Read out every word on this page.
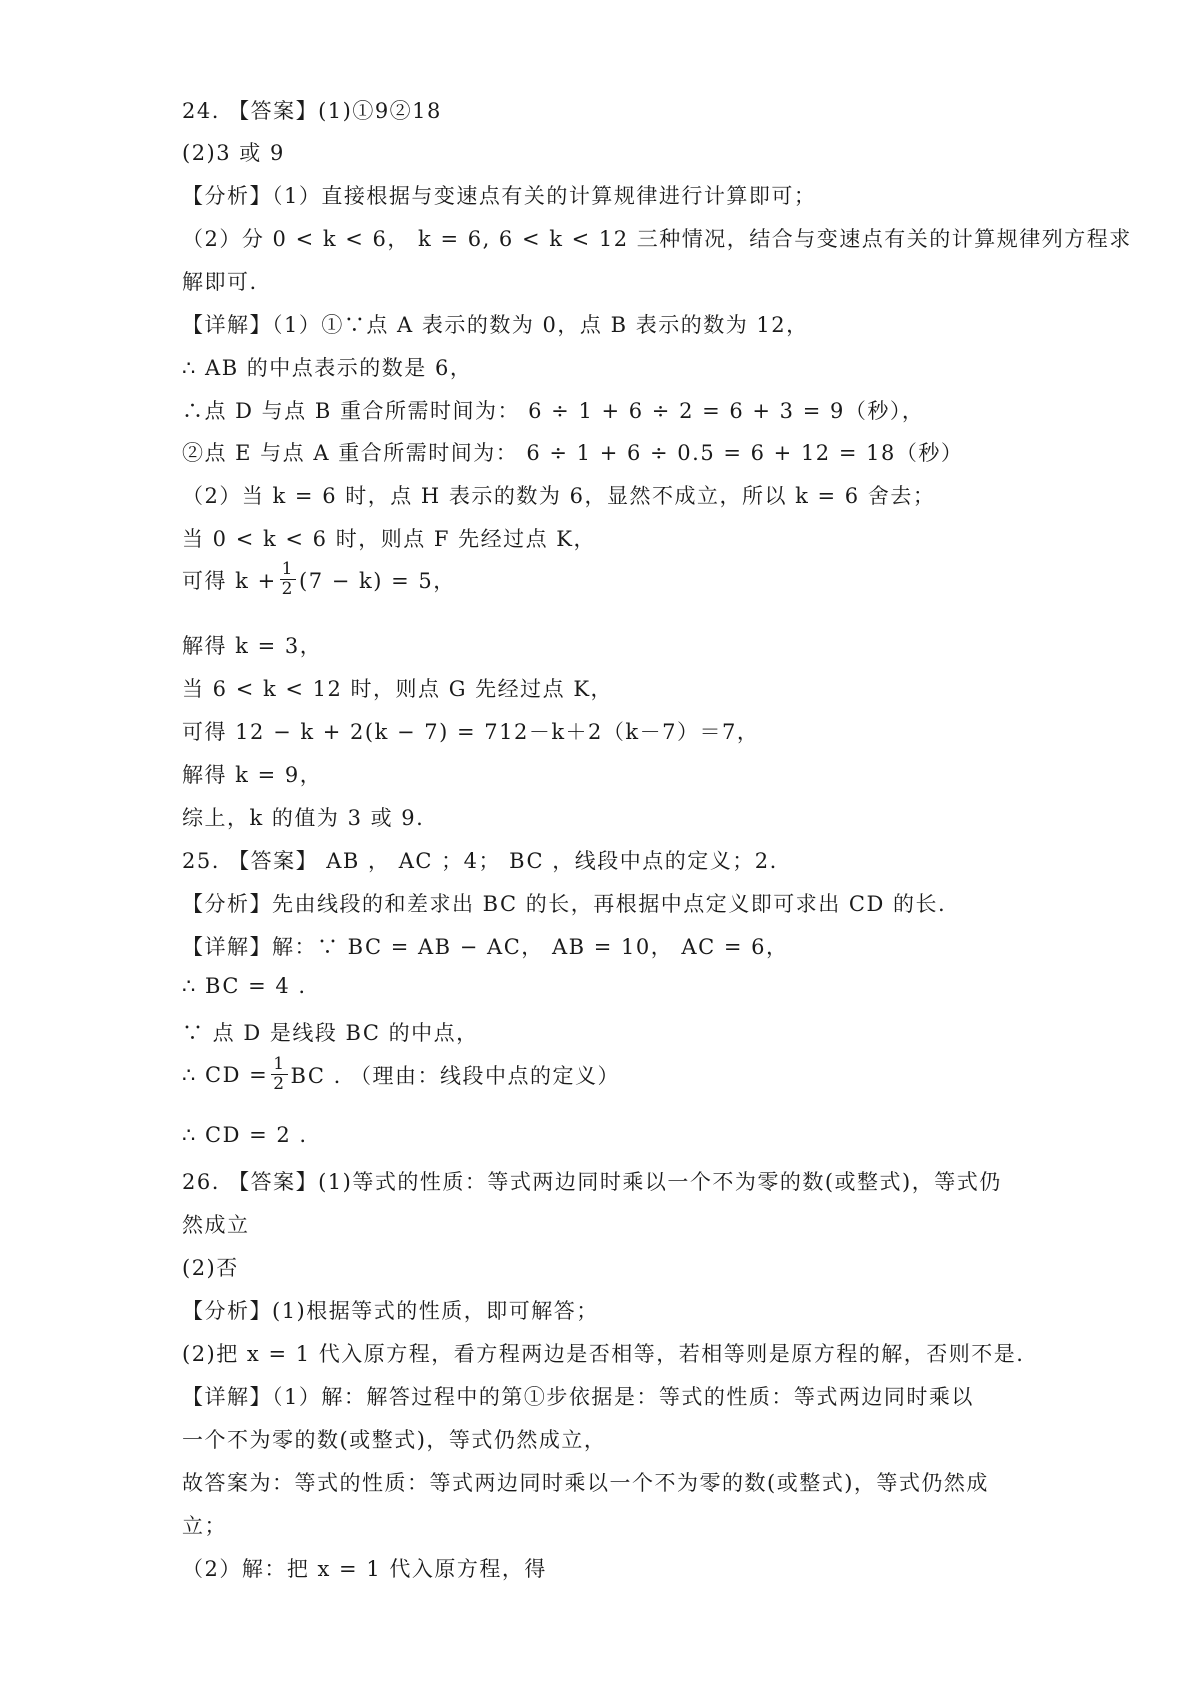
24. 【答案】(1)①9②18
(2)3 或 9
【分析】（1）直接根据与变速点有关的计算规律进行计算即可；
（2）分 0 < k < 6， k = 6, 6 < k < 12 三种情况，结合与变速点有关的计算规律列方程求
解即可.
【详解】（1）①∵点 A 表示的数为 0，点 B 表示的数为 12，
∴ AB 的中点表示的数是 6，
∴点 D 与点 B 重合所需时间为： 6 ÷ 1 + 6 ÷ 2 = 6 + 3 = 9（秒），
②点 E 与点 A 重合所需时间为： 6 ÷ 1 + 6 ÷ 0.5 = 6 + 12 = 18（秒）
（2）当 k = 6 时，点 H 表示的数为 6，显然不成立，所以 k = 6 舍去；
当 0 < k < 6 时，则点 F 先经过点 K，
可得 $k + \frac{1}{2} (7 - k) = 5$，
解得 k = 3，
当 6 < k < 12 时，则点 G 先经过点 K，
可得 12 − k + 2(k − 7) = 712－k＋2（k－7）＝7，
解得 k = 9，
综上，k 的值为 3 或 9.
25. 【答案】 AB ， AC ；4； BC ，线段中点的定义；2.
【分析】先由线段的和差求出 BC 的长，再根据中点定义即可求出 CD 的长.
【详解】解：∵ BC = AB − AC， AB = 10， AC = 6，
∴ BC = 4 .
∵ 点 D 是线段 BC 的中点，
∴ CD = $\frac{1}{2}$ BC . （理由：线段中点的定义）
∴ CD = 2 .
26. 【答案】(1)等式的性质：等式两边同时乘以一个不为零的数(或整式)，等式仍
然成立
(2)否
【分析】(1)根据等式的性质，即可解答；
(2)把 x = 1 代入原方程，看方程两边是否相等，若相等则是原方程的解，否则不是.
【详解】（1）解：解答过程中的第①步依据是：等式的性质：等式两边同时乘以
一个不为零的数(或整式)，等式仍然成立，
故答案为：等式的性质：等式两边同时乘以一个不为零的数(或整式)，等式仍然成
立；
（2）解：把 x = 1 代入原方程，得
